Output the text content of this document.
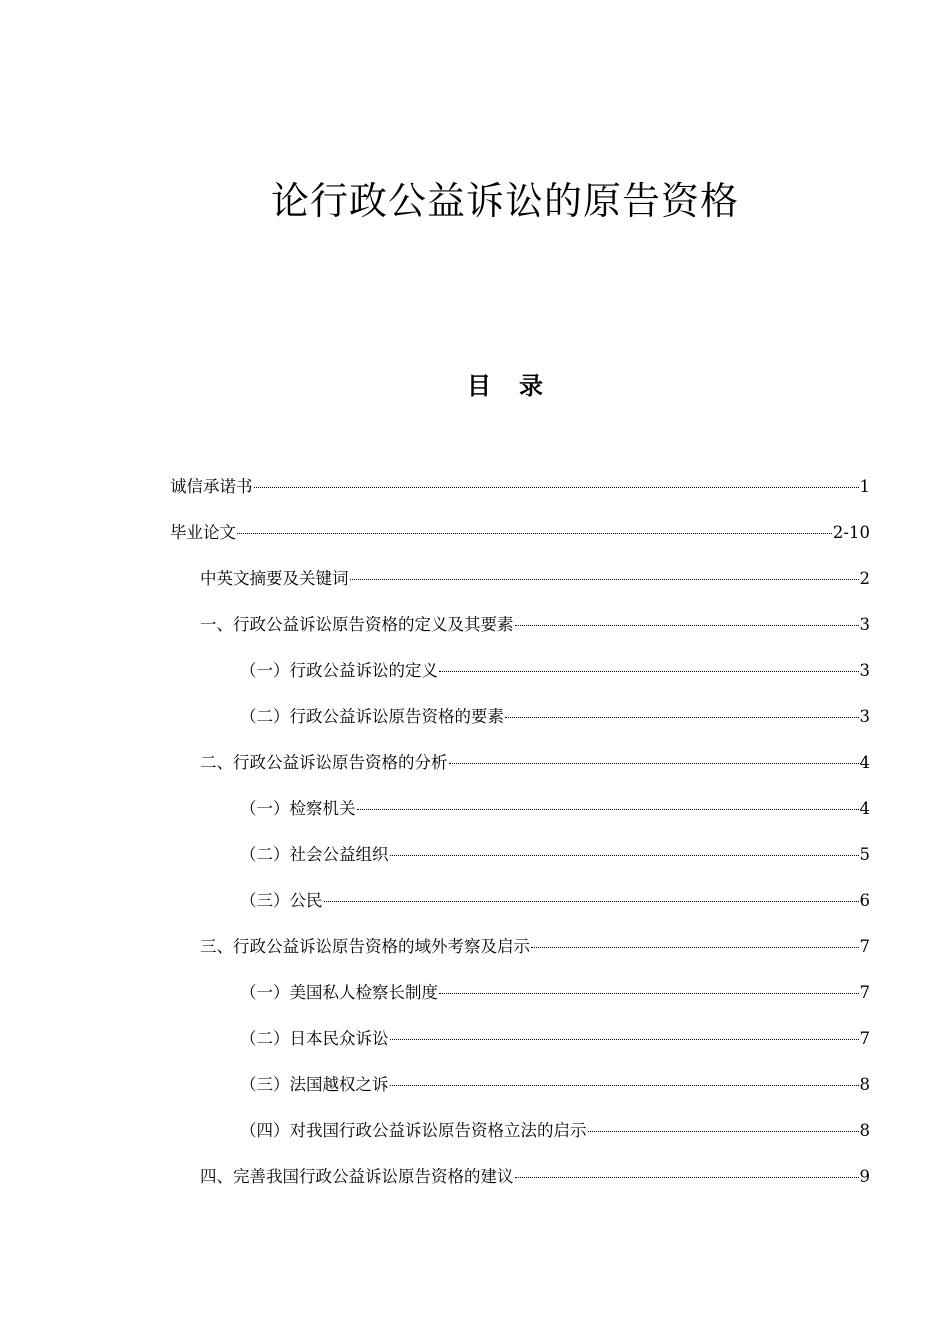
论行政公益诉讼的原告资格
目 录
诚信承诺书	1
毕业论文	2-10
中英文摘要及关键词	2
一、行政公益诉讼原告资格的定义及其要素	3
（一）行政公益诉讼的定义	3
（二）行政公益诉讼原告资格的要素	3
二、行政公益诉讼原告资格的分析	4
（一）检察机关	4
（二）社会公益组织	5
（三）公民	6
三、行政公益诉讼原告资格的域外考察及启示	7
（一）美国私人检察长制度	7
（二）日本民众诉讼	7
（三）法国越权之诉	8
（四）对我国行政公益诉讼原告资格立法的启示	8
四、完善我国行政公益诉讼原告资格的建议	9
